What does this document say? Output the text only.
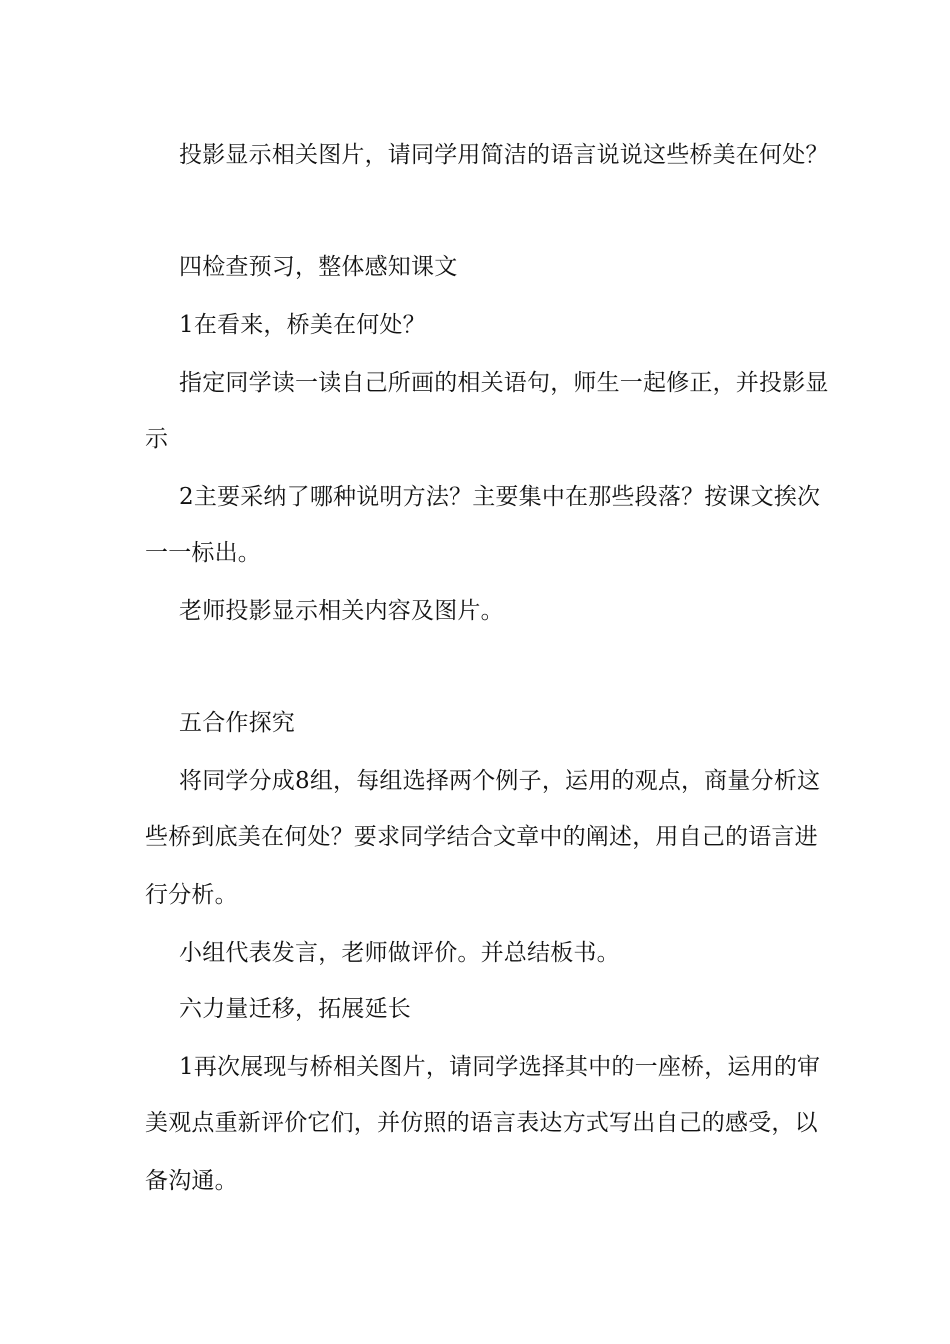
投影显示相关图片，请同学用简洁的语言说说这些桥美在何处？
四检查预习，整体感知课文
1在看来，桥美在何处？
指定同学读一读自己所画的相关语句，师生一起修正，并投影显
示
2主要采纳了哪种说明方法？主要集中在那些段落？按课文挨次
一一标出。
老师投影显示相关内容及图片。
五合作探究
将同学分成8组，每组选择两个例子，运用的观点，商量分析这
些桥到底美在何处？要求同学结合文章中的阐述，用自己的语言进
行分析。
小组代表发言，老师做评价。并总结板书。
六力量迁移，拓展延长
1再次展现与桥相关图片，请同学选择其中的一座桥，运用的审
美观点重新评价它们，并仿照的语言表达方式写出自己的感受，以
备沟通。
